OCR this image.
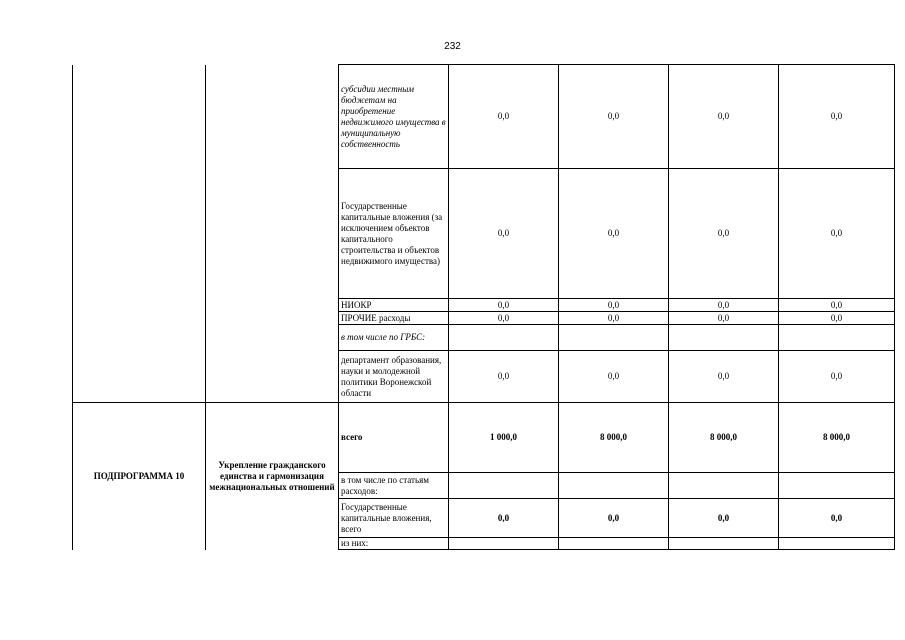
232
		субсидии местным бюджетам на приобретение недвижимого имущества в муниципальную собственность	0,0	0,0	0,0	0,0
		Государственные капитальные вложения (за исключением объектов капитального строительства и объектов недвижимого имущества)	0,0	0,0	0,0	0,0
		НИОКР	0,0	0,0	0,0	0,0
		ПРОЧИЕ расходы	0,0	0,0	0,0	0,0
		в том числе по ГРБС:				
		департамент образования, науки и молодежной политики Воронежской области	0,0	0,0	0,0	0,0
ПОДПРОГРАММА 10	Укрепление гражданского единства и гармонизация межнациональных отношений	всего	1 000,0	8 000,0	8 000,0	8 000,0
		в том числе по статьям расходов:				
		Государственные капитальные вложения, всего	0,0	0,0	0,0	0,0
		из них:				
